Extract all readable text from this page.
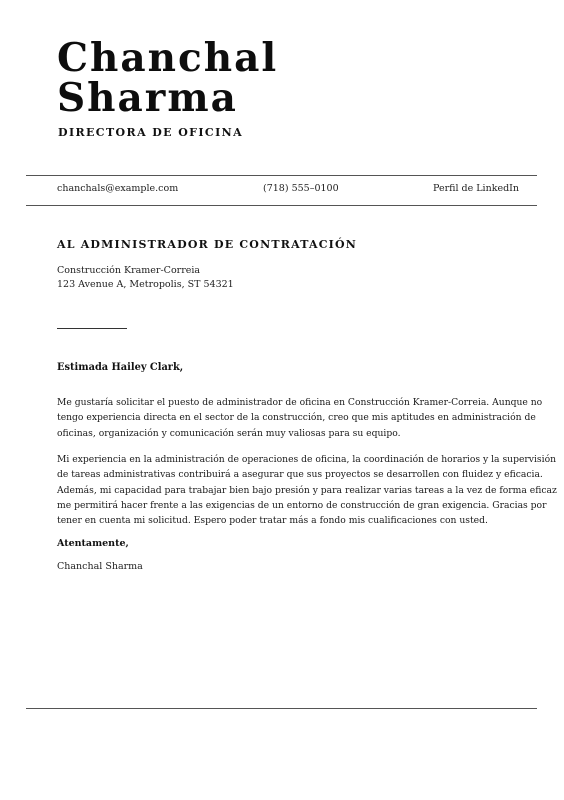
Chanchal
Sharma
DIRECTORA DE OFICINA
chanchals@example.com	(718) 555–0100	Perfil de LinkedIn
AL ADMINISTRADOR DE CONTRATACIÓN
Construcción Kramer-Correia
123 Avenue A, Metropolis, ST 54321
Estimada Hailey Clark,
Me gustaría solicitar el puesto de administrador de oficina en Construcción Kramer-Correia. Aunque no
tengo experiencia directa en el sector de la construcción, creo que mis aptitudes en administración de
oficinas, organización y comunicación serán muy valiosas para su equipo.
Mi experiencia en la administración de operaciones de oficina, la coordinación de horarios y la supervisión
de tareas administrativas contribuirá a asegurar que sus proyectos se desarrollen con fluidez y eficacia.
Además, mi capacidad para trabajar bien bajo presión y para realizar varias tareas a la vez de forma eficaz
me permitirá hacer frente a las exigencias de un entorno de construcción de gran exigencia. Gracias por
tener en cuenta mi solicitud. Espero poder tratar más a fondo mis cualificaciones con usted.
Atentamente,
Chanchal Sharma
